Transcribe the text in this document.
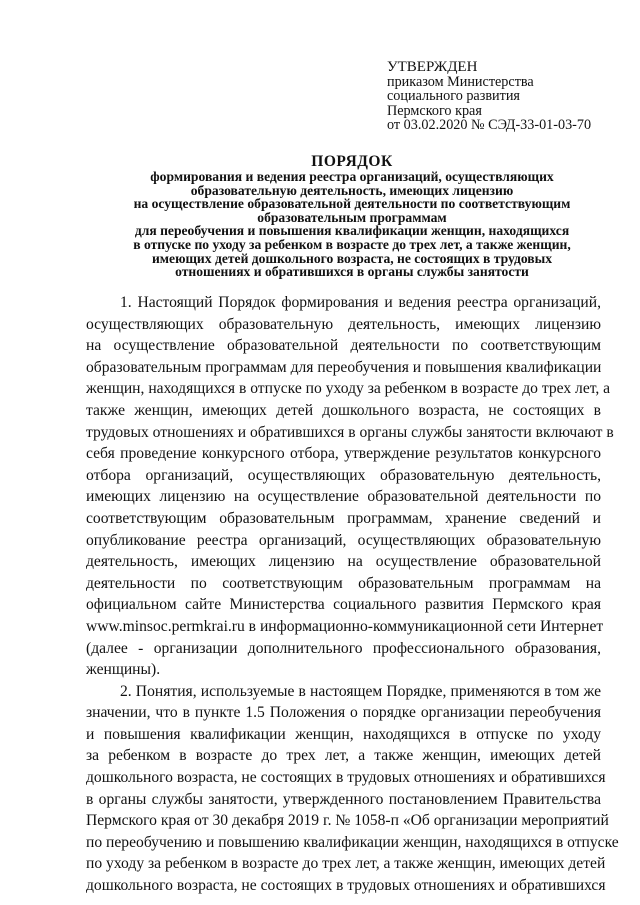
УТВЕРЖДЕН
приказом Министерства
социального развития
Пермского края
от 03.02.2020 № СЭД-33-01-03-70
ПОРЯДОК
формирования и ведения реестра организаций, осуществляющих
образовательную деятельность, имеющих лицензию
на осуществление образовательной деятельности по соответствующим
образовательным программам
для переобучения и повышения квалификации женщин, находящихся
в отпуске по уходу за ребенком в возрасте до трех лет, а также женщин,
имеющих детей дошкольного возраста, не состоящих в трудовых
отношениях и обратившихся в органы службы занятости
1. Настоящий Порядок формирования и ведения реестра организаций,
осуществляющих образовательную деятельность, имеющих лицензию
на осуществление образовательной деятельности по соответствующим
образовательным программам для переобучения и повышения квалификации
женщин, находящихся в отпуске по уходу за ребенком в возрасте до трех лет, а
также женщин, имеющих детей дошкольного возраста, не состоящих в
трудовых отношениях и обратившихся в органы службы занятости включают в
себя проведение конкурсного отбора, утверждение результатов конкурсного
отбора организаций, осуществляющих образовательную деятельность,
имеющих лицензию на осуществление образовательной деятельности по
соответствующим образовательным программам, хранение сведений и
опубликование реестра организаций, осуществляющих образовательную
деятельность, имеющих лицензию на осуществление образовательной
деятельности по соответствующим образовательным программам на
официальном сайте Министерства социального развития Пермского края
www.minsoc.permkrai.ru в информационно-коммуникационной сети Интернет
(далее - организации дополнительного профессионального образования,
женщины).
2. Понятия, используемые в настоящем Порядке, применяются в том же
значении, что в пункте 1.5 Положения о порядке организации переобучения
и повышения квалификации женщин, находящихся в отпуске по уходу
за ребенком в возрасте до трех лет, а также женщин, имеющих детей
дошкольного возраста, не состоящих в трудовых отношениях и обратившихся
в органы службы занятости, утвержденного постановлением Правительства
Пермского края от 30 декабря 2019 г. № 1058-п «Об организации мероприятий
по переобучению и повышению квалификации женщин, находящихся в отпуске
по уходу за ребенком в возрасте до трех лет, а также женщин, имеющих детей
дошкольного возраста, не состоящих в трудовых отношениях и обратившихся
